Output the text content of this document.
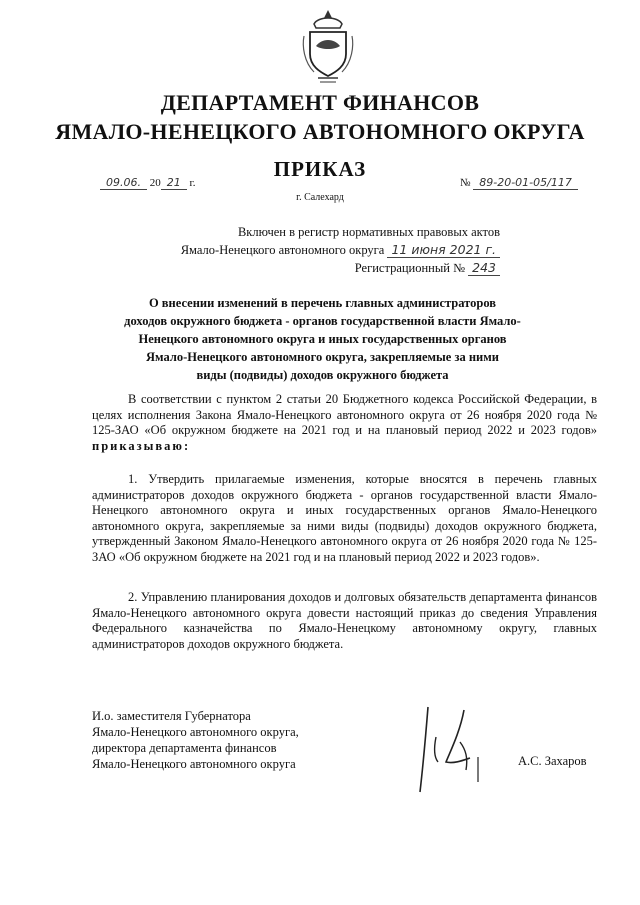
ДЕПАРТАМЕНТ ФИНАНСОВ
ЯМАЛО-НЕНЕЦКОГО АВТОНОМНОГО ОКРУГА
ПРИКАЗ
09.06. 20 21 г.	№ 89-20-01-05/117
г. Салехард
Включен в регистр нормативных правовых актов
Ямало-Ненецкого автономного округа 11 июня 2021 г.
Регистрационный № 243
О внесении изменений в перечень главных администраторов
доходов окружного бюджета - органов государственной власти Ямало-
Ненецкого автономного округа и иных государственных органов
Ямало-Ненецкого автономного округа, закрепляемые за ними
виды (подвиды) доходов окружного бюджета

В соответствии с пунктом 2 статьи 20 Бюджетного кодекса Российской Федерации, в целях исполнения Закона Ямало-Ненецкого автономного округа от 26 ноября 2020 года № 125-ЗАО «Об окружном бюджете на 2021 год и на плановый период 2022 и 2023 годов» приказываю:

1. Утвердить прилагаемые изменения, которые вносятся в перечень главных администраторов доходов окружного бюджета - органов государственной власти Ямало-Ненецкого автономного округа и иных государственных органов Ямало-Ненецкого автономного округа, закрепляемые за ними виды (подвиды) доходов окружного бюджета, утвержденный Законом Ямало-Ненецкого автономного округа от 26 ноября 2020 года № 125-ЗАО «Об окружном бюджете на 2021 год и на плановый период 2022 и 2023 годов».

2. Управлению планирования доходов и долговых обязательств департамента финансов Ямало-Ненецкого автономного округа довести настоящий приказ до сведения Управления Федерального казначейства по Ямало-Ненецкому автономному округу, главных администраторов доходов окружного бюджета.

И.о. заместителя Губернатора
Ямало-Ненецкого автономного округа,
директора департамента финансов
Ямало-Ненецкого автономного округа	А.С. Захаров
